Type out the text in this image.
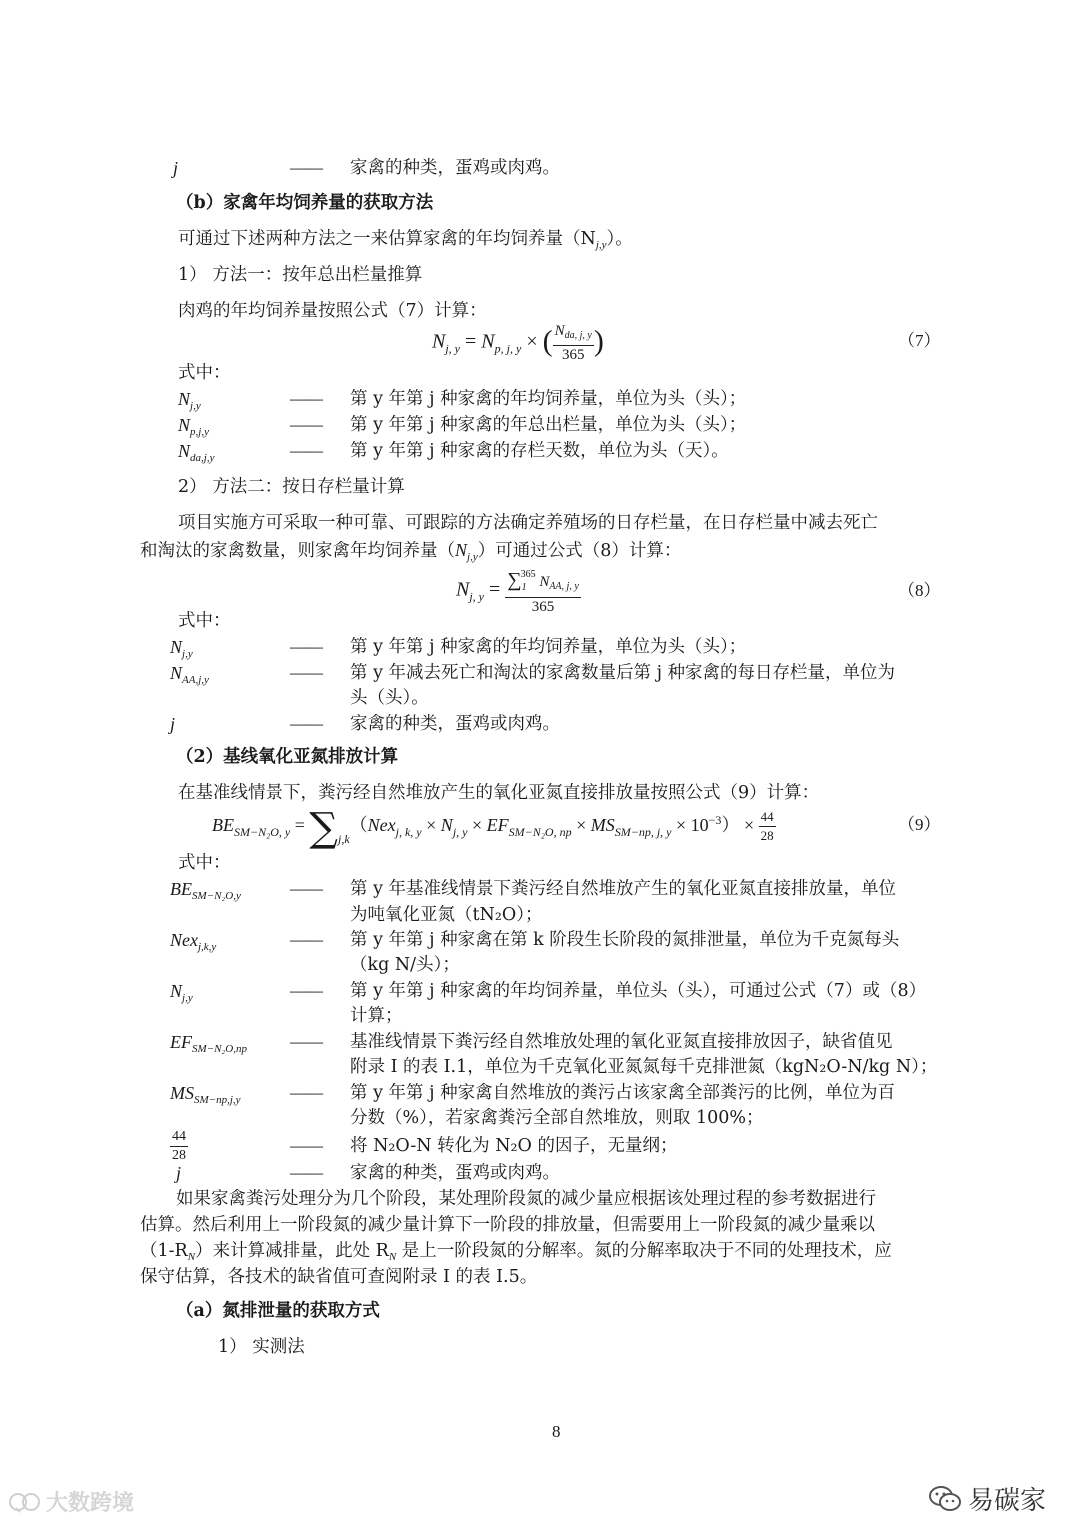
j	—— 家禽的种类，蛋鸡或肉鸡。
（b）家禽年均饲养量的获取方法
可通过下述两种方法之一来估算家禽的年均饲养量$(N_{j,y})$。
1） 方法一：按年总出栏量推算
肉鸡的年均饲养量按照公式（7）计算：
$N_{j, y} = N_{p, j, y}$ × ( $\frac{N_{da, j, y}}{365}$ )	（7）
式中：
$N_{j,y}$	—— 第 y 年第 j 种家禽的年均饲养量，单位为头（头）；
$N_{p,j,y}$	—— 第 y 年第 j 种家禽的年总出栏量，单位为头（头）；
$N_{da,j,y}$	—— 第 y 年第 j 种家禽的存栏天数，单位为头（天）。
2） 方法二：按日存栏量计算
项目实施方可采取一种可靠、可跟踪的方法确定养殖场的日存栏量，在日存栏量中减去死亡
和淘汰的家禽数量，则家禽年均饲养量$(N_{j,y})$可通过公式（8）计算：
$N_{j, y} = \frac{\sum_1^{365} N_{AA, j, y}}{365}$	（8）
式中：
$N_{j,y}$	—— 第 y 年第 j 种家禽的年均饲养量，单位为头（头）；
$N_{AA,j,y}$	—— 第 y 年减去死亡和淘汰的家禽数量后第 j 种家禽的每日存栏量，单位为
头（头）。
j	—— 家禽的种类，蛋鸡或肉鸡。
（2）基线氧化亚氮排放计算
在基准线情景下，粪污经自然堆放产生的氧化亚氮直接排放量按照公式（9）计算：
$BE_{SM-N_2O, y} = \sum_{j,k}(Nex_{j, k, y} \times N_{j, y} \times EF_{SM-N_2O, np} \times MS_{SM-np, j, y} \times 10^{-3}) \times \frac{44}{28}$	（9）
式中：
$BE_{SM-N_2O,y}$	—— 第 y 年基准线情景下粪污经自然堆放产生的氧化亚氮直接排放量，单位
为吨氧化亚氮（tN₂O）；
Nex$_{j,k,y}$	—— 第 y 年第 j 种家禽在第 k 阶段生长阶段的氮排泄量，单位为千克氮每头
（kg N/头）；
$N_{j,y}$	—— 第 y 年第 j 种家禽的年均饲养量，单位头（头），可通过公式（7）或（8）
计算；
$EF_{SM-N_2O,np}$	—— 基准线情景下粪污经自然堆放处理的氧化亚氮直接排放因子，缺省值见
附录 I 的表 I.1，单位为千克氧化亚氮氮每千克排泄氮（kgN₂O-N/kg N）；
$MS_{SM-np,j,y}$	—— 第 y 年第 j 种家禽自然堆放的粪污占该家禽全部粪污的比例，单位为百
分数（%），若家禽粪污全部自然堆放，则取 100%；
$\frac{44}{28}$	—— 将 N₂O-N 转化为 N₂O 的因子，无量纲；
j	—— 家禽的种类，蛋鸡或肉鸡。
如果家禽粪污处理分为几个阶段，某处理阶段氮的减少量应根据该处理过程的参考数据进行
估算。然后利用上一阶段氮的减少量计算下一阶段的排放量，但需要用上一阶段氮的减少量乘以
$(1-R_N)$来计算减排量，此处 $R_N$ 是上一阶段氮的分解率。氮的分解率取决于不同的处理技术，应
保守估算，各技术的缺省值可查阅附录 I 的表 I.5。
（a）氮排泄量的获取方式
1） 实测法
8
大数跨境	易碳家
